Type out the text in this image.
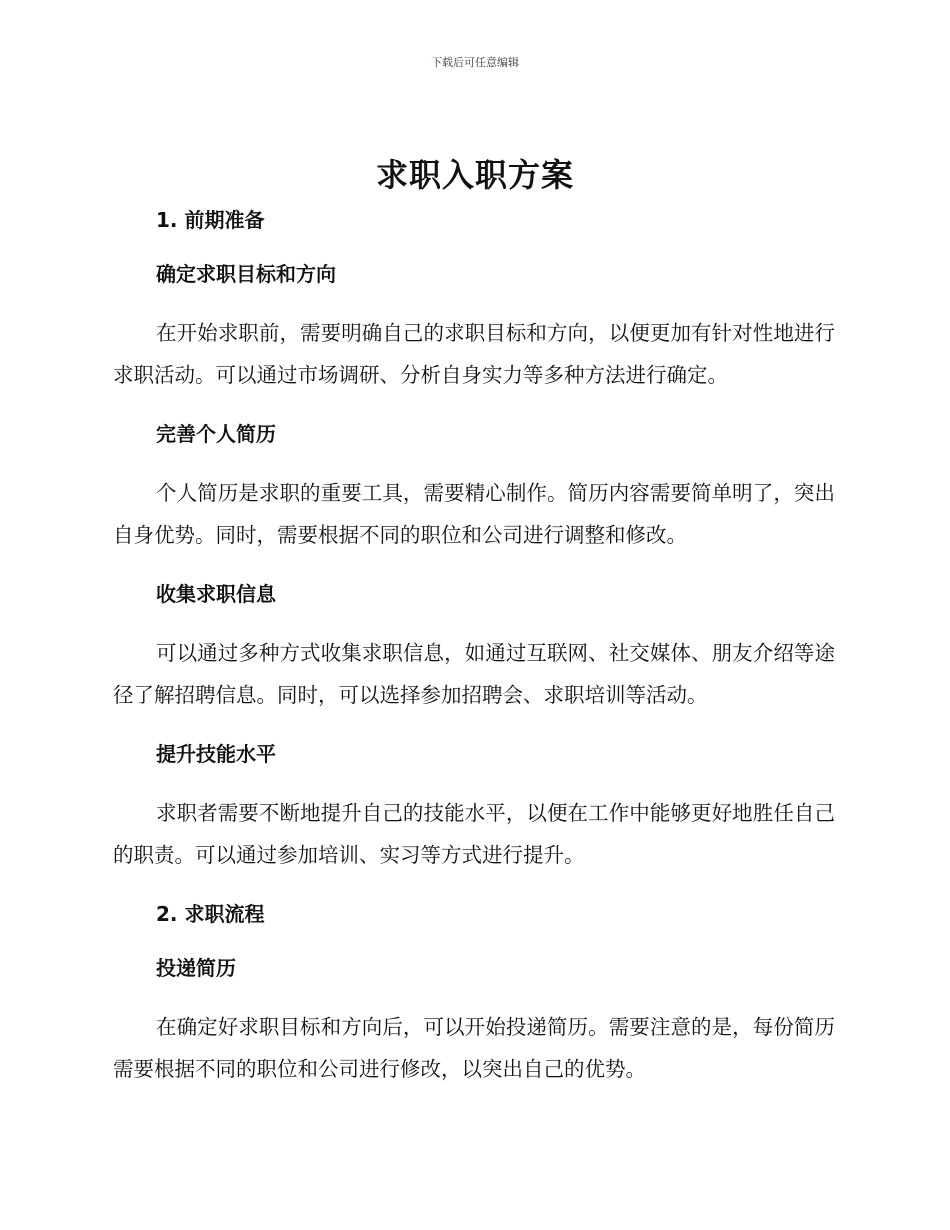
下载后可任意编辑
求职入职方案
1. 前期准备
确定求职目标和方向

在开始求职前，需要明确自己的求职目标和方向，以便更加有针对性地进行求职活动。可以通过市场调研、分析自身实力等多种方法进行确定。

完善个人简历

个人简历是求职的重要工具，需要精心制作。简历内容需要简单明了，突出自身优势。同时，需要根据不同的职位和公司进行调整和修改。

收集求职信息

可以通过多种方式收集求职信息，如通过互联网、社交媒体、朋友介绍等途径了解招聘信息。同时，可以选择参加招聘会、求职培训等活动。

提升技能水平

求职者需要不断地提升自己的技能水平，以便在工作中能够更好地胜任自己的职责。可以通过参加培训、实习等方式进行提升。

2. 求职流程
投递简历

在确定好求职目标和方向后，可以开始投递简历。需要注意的是，每份简历需要根据不同的职位和公司进行修改，以突出自己的优势。
